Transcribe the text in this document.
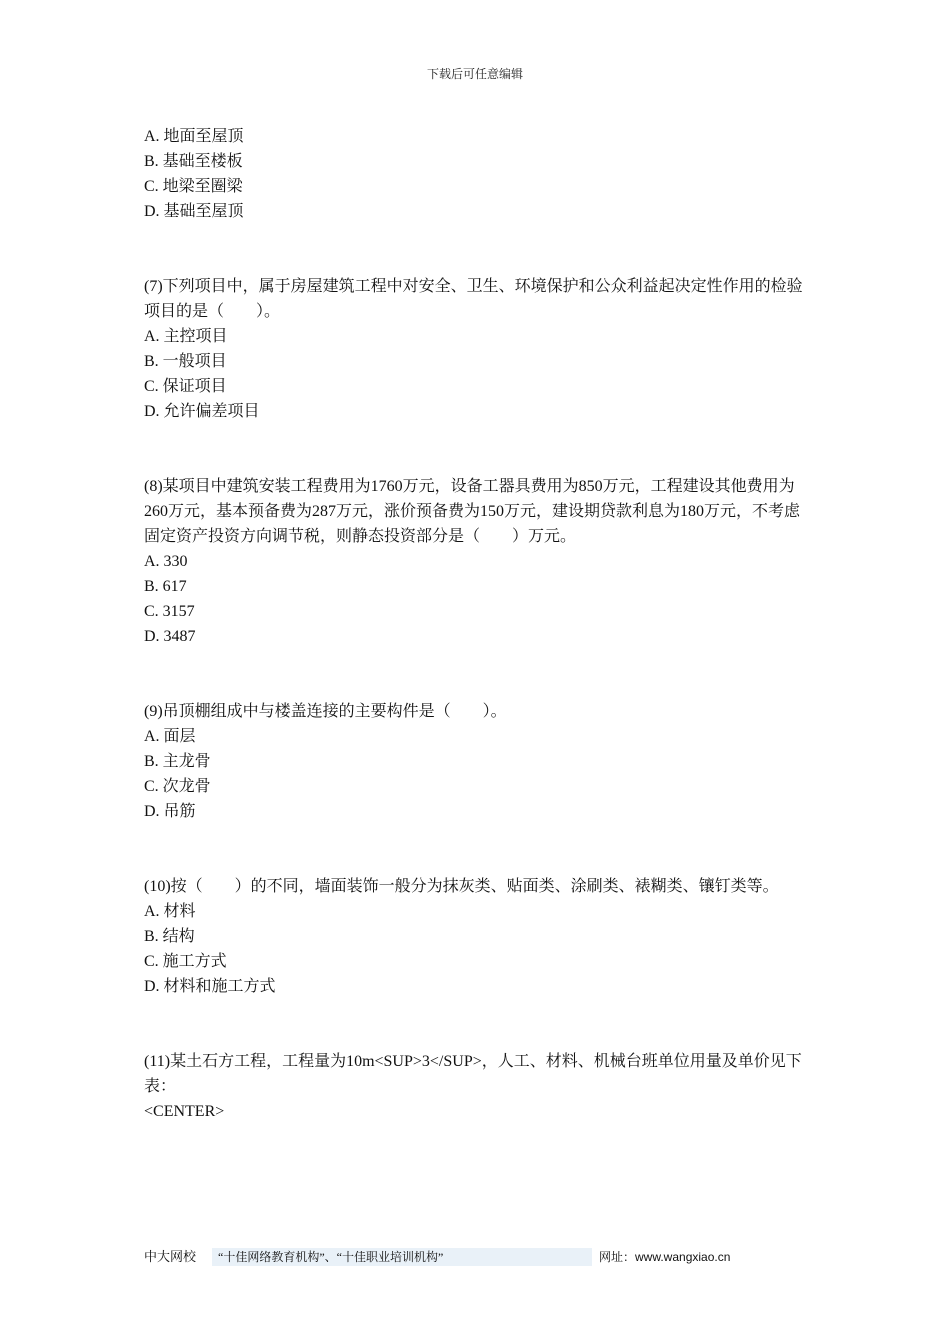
下载后可任意编辑
A. 地面至屋顶
B. 基础至楼板
C. 地梁至圈梁
D. 基础至屋顶
(7)下列项目中，属于房屋建筑工程中对安全、卫生、环境保护和公众利益起决定性作用的检验项目的是（　　）。
A. 主控项目
B. 一般项目
C. 保证项目
D. 允许偏差项目
(8)某项目中建筑安装工程费用为1760万元，设备工器具费用为850万元，工程建设其他费用为260万元，基本预备费为287万元，涨价预备费为150万元，建设期贷款利息为180万元，不考虑固定资产投资方向调节税，则静态投资部分是（　　）万元。
A. 330
B. 617
C. 3157
D. 3487
(9)吊顶棚组成中与楼盖连接的主要构件是（　　）。
A. 面层
B. 主龙骨
C. 次龙骨
D. 吊筋
(10)按（　　）的不同，墙面装饰一般分为抹灰类、贴面类、涂刷类、裱糊类、镶钉类等。
A. 材料
B. 结构
C. 施工方式
D. 材料和施工方式
(11)某土石方工程，工程量为10m<SUP>3</SUP>，人工、材料、机械台班单位用量及单价见下表：
<CENTER>
中大网校	“十佳网络教育机构”、“十佳职业培训机构”	网址：www.wangxiao.cn
